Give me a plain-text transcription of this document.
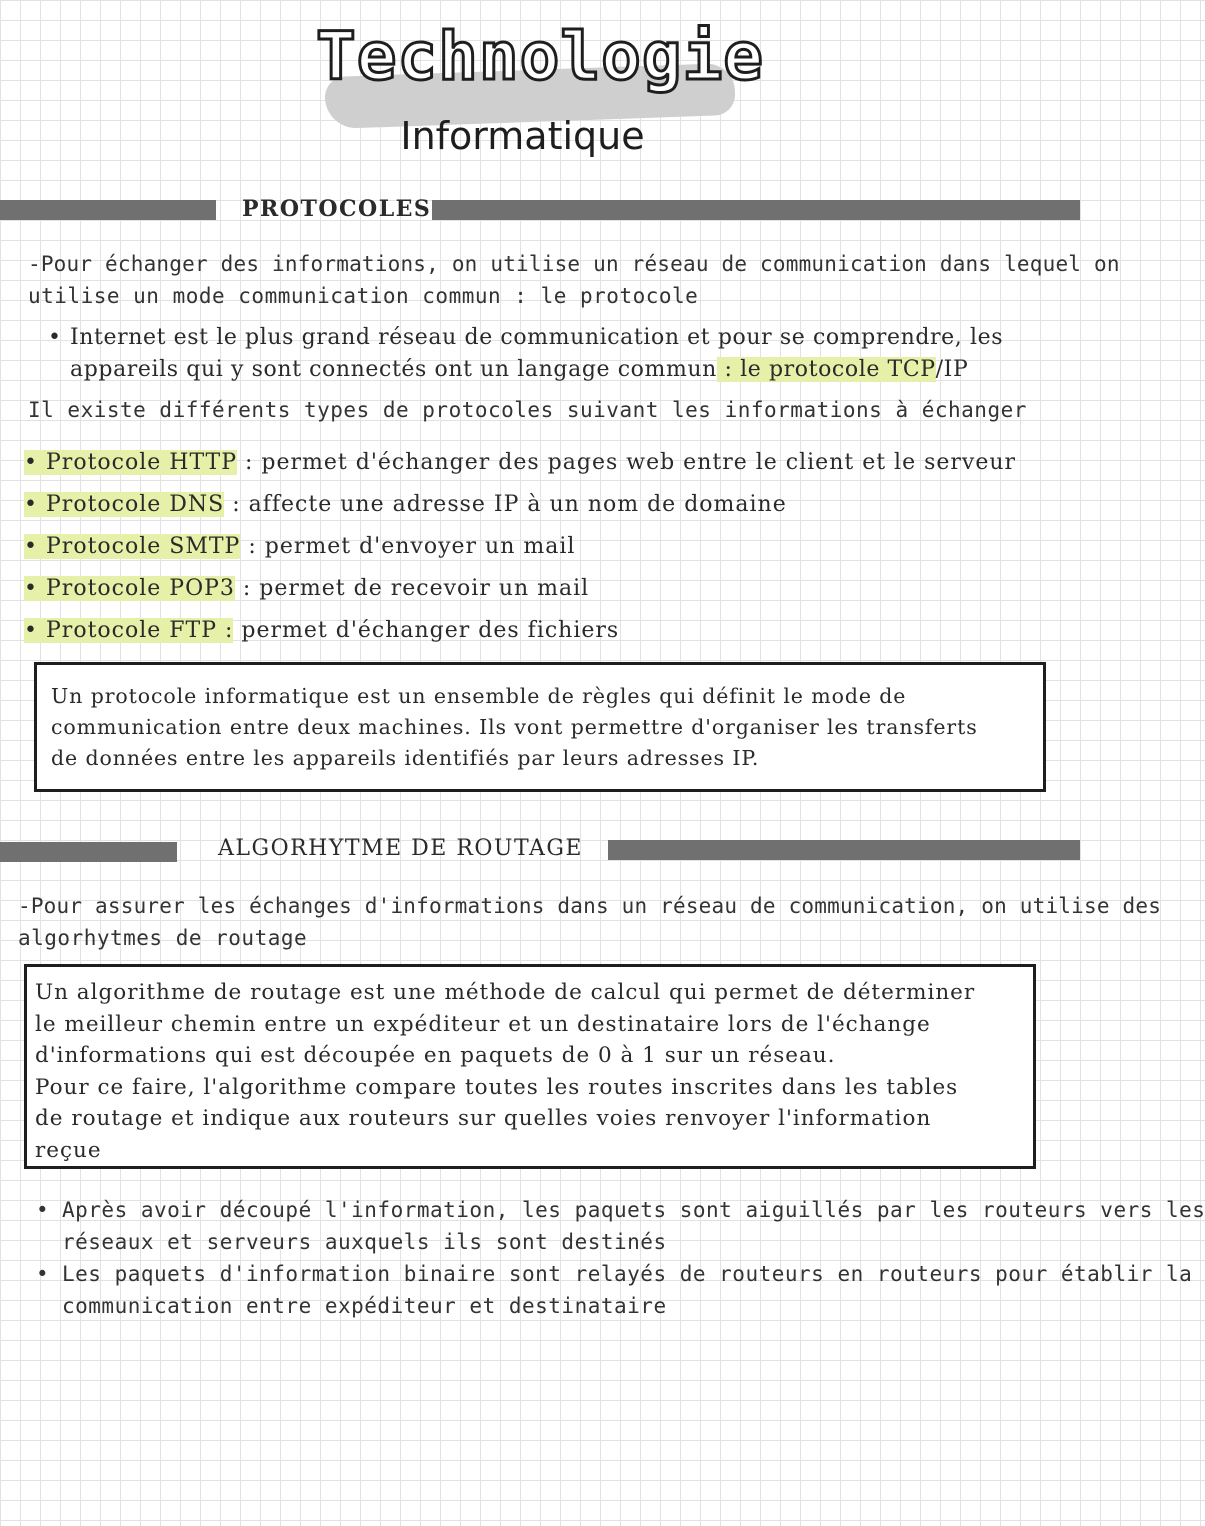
Technologie
Informatique
PROTOCOLES
-Pour échanger des informations, on utilise un réseau de communication dans lequel on
utilise un mode communication commun : le protocole
• Internet est le plus grand réseau de communication et pour se comprendre, les
appareils qui y sont connectés ont un langage commun : le protocole TCP/IP
Il existe différents types de protocoles suivant les informations à échanger
• Protocole HTTP : permet d'échanger des pages web entre le client et le serveur
• Protocole DNS : affecte une adresse IP à un nom de domaine
• Protocole SMTP : permet d'envoyer un mail
• Protocole POP3 : permet de recevoir un mail
• Protocole FTP : permet d'échanger des fichiers

Un protocole informatique est un ensemble de règles qui définit le mode de

communication entre deux machines. Ils vont permettre d'organiser les transferts

de données entre les appareils identifiés par leurs adresses IP.

ALGORHYTME DE ROUTAGE
-Pour assurer les échanges d'informations dans un réseau de communication, on utilise des
algorhytmes de routage

Un algorithme de routage est une méthode de calcul qui permet de déterminer

le meilleur chemin entre un expéditeur et un destinataire lors de l'échange

d'informations qui est découpée en paquets de 0 à 1 sur un réseau.

Pour ce faire, l'algorithme compare toutes les routes inscrites dans les tables

de routage et indique aux routeurs sur quelles voies renvoyer l'information

reçue

• Après avoir découpé l'information, les paquets sont aiguillés par les routeurs vers les
réseaux et serveurs auxquels ils sont destinés
• Les paquets d'information binaire sont relayés de routeurs en routeurs pour établir la
communication entre expéditeur et destinataire
